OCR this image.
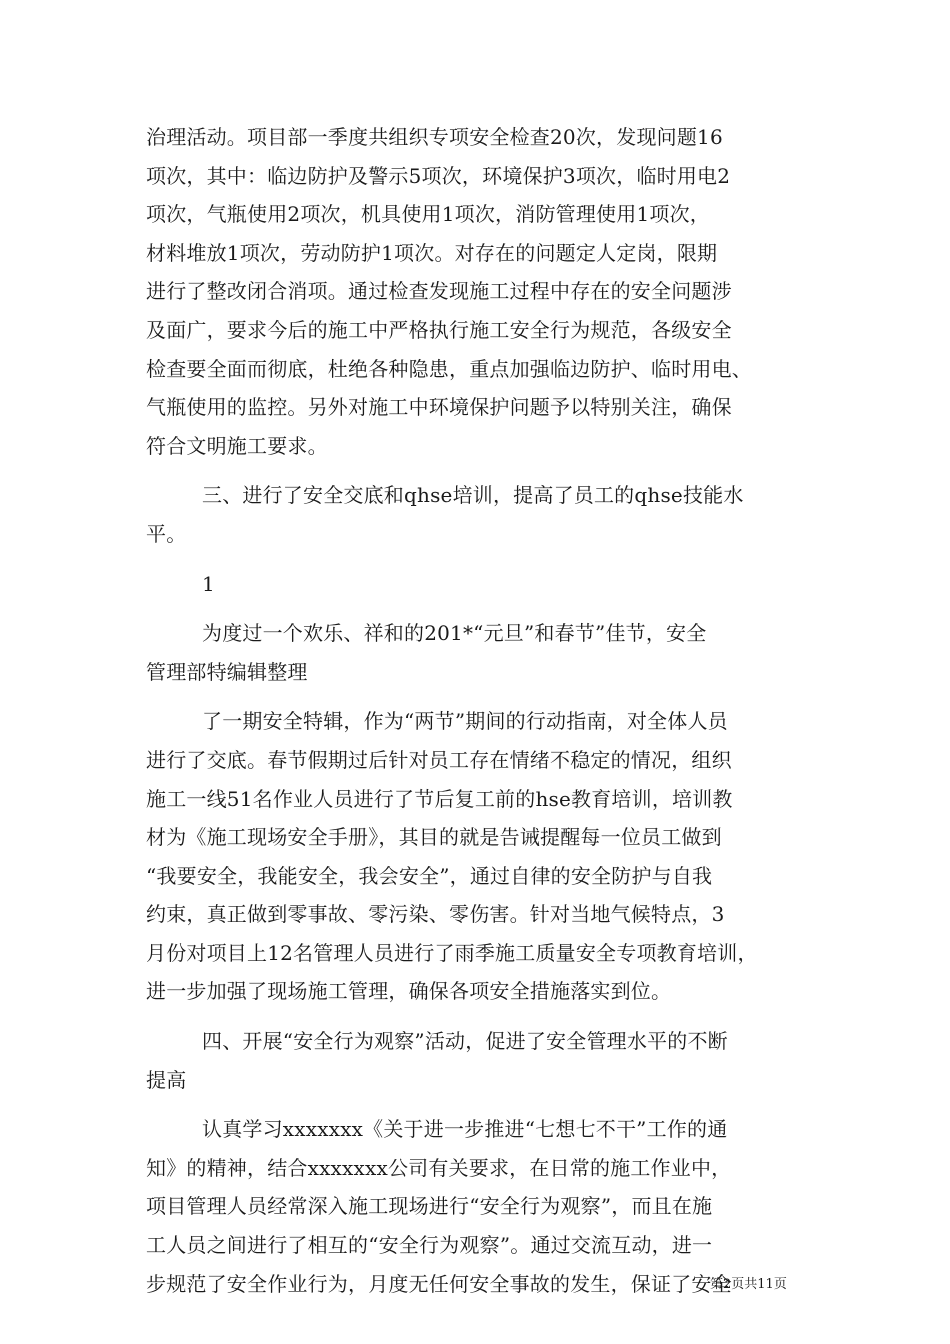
治理活动。项目部一季度共组织专项安全检查20次，发现问题16
项次，其中：临边防护及警示5项次，环境保护3项次，临时用电2
项次，气瓶使用2项次，机具使用1项次，消防管理使用1项次，
材料堆放1项次，劳动防护1项次。对存在的问题定人定岗，限期
进行了整改闭合消项。通过检查发现施工过程中存在的安全问题涉
及面广，要求今后的施工中严格执行施工安全行为规范，各级安全
检查要全面而彻底，杜绝各种隐患，重点加强临边防护、临时用电、
气瓶使用的监控。另外对施工中环境保护问题予以特别关注，确保
符合文明施工要求。
三、进行了安全交底和qhse培训，提高了员工的qhse技能水
平。
1
为度过一个欢乐、祥和的201*“元旦”和春节”佳节，安全
管理部特编辑整理
了一期安全特辑，作为“两节”期间的行动指南，对全体人员
进行了交底。春节假期过后针对员工存在情绪不稳定的情况，组织
施工一线51名作业人员进行了节后复工前的hse教育培训，培训教
材为《施工现场安全手册》，其目的就是告诫提醒每一位员工做到
“我要安全，我能安全，我会安全”，通过自律的安全防护与自我
约束，真正做到零事故、零污染、零伤害。针对当地气候特点，3
月份对项目上12名管理人员进行了雨季施工质量安全专项教育培训，
进一步加强了现场施工管理，确保各项安全措施落实到位。
四、开展“安全行为观察”活动，促进了安全管理水平的不断
提高
认真学习xxxxxxx《关于进一步推进“七想七不干”工作的通
知》的精神，结合xxxxxxx公司有关要求，在日常的施工作业中，
项目管理人员经常深入施工现场进行“安全行为观察”，而且在施
工人员之间进行了相互的“安全行为观察”。通过交流互动，进一
步规范了安全作业行为，月度无任何安全事故的发生，保证了安全
第2页共11页
